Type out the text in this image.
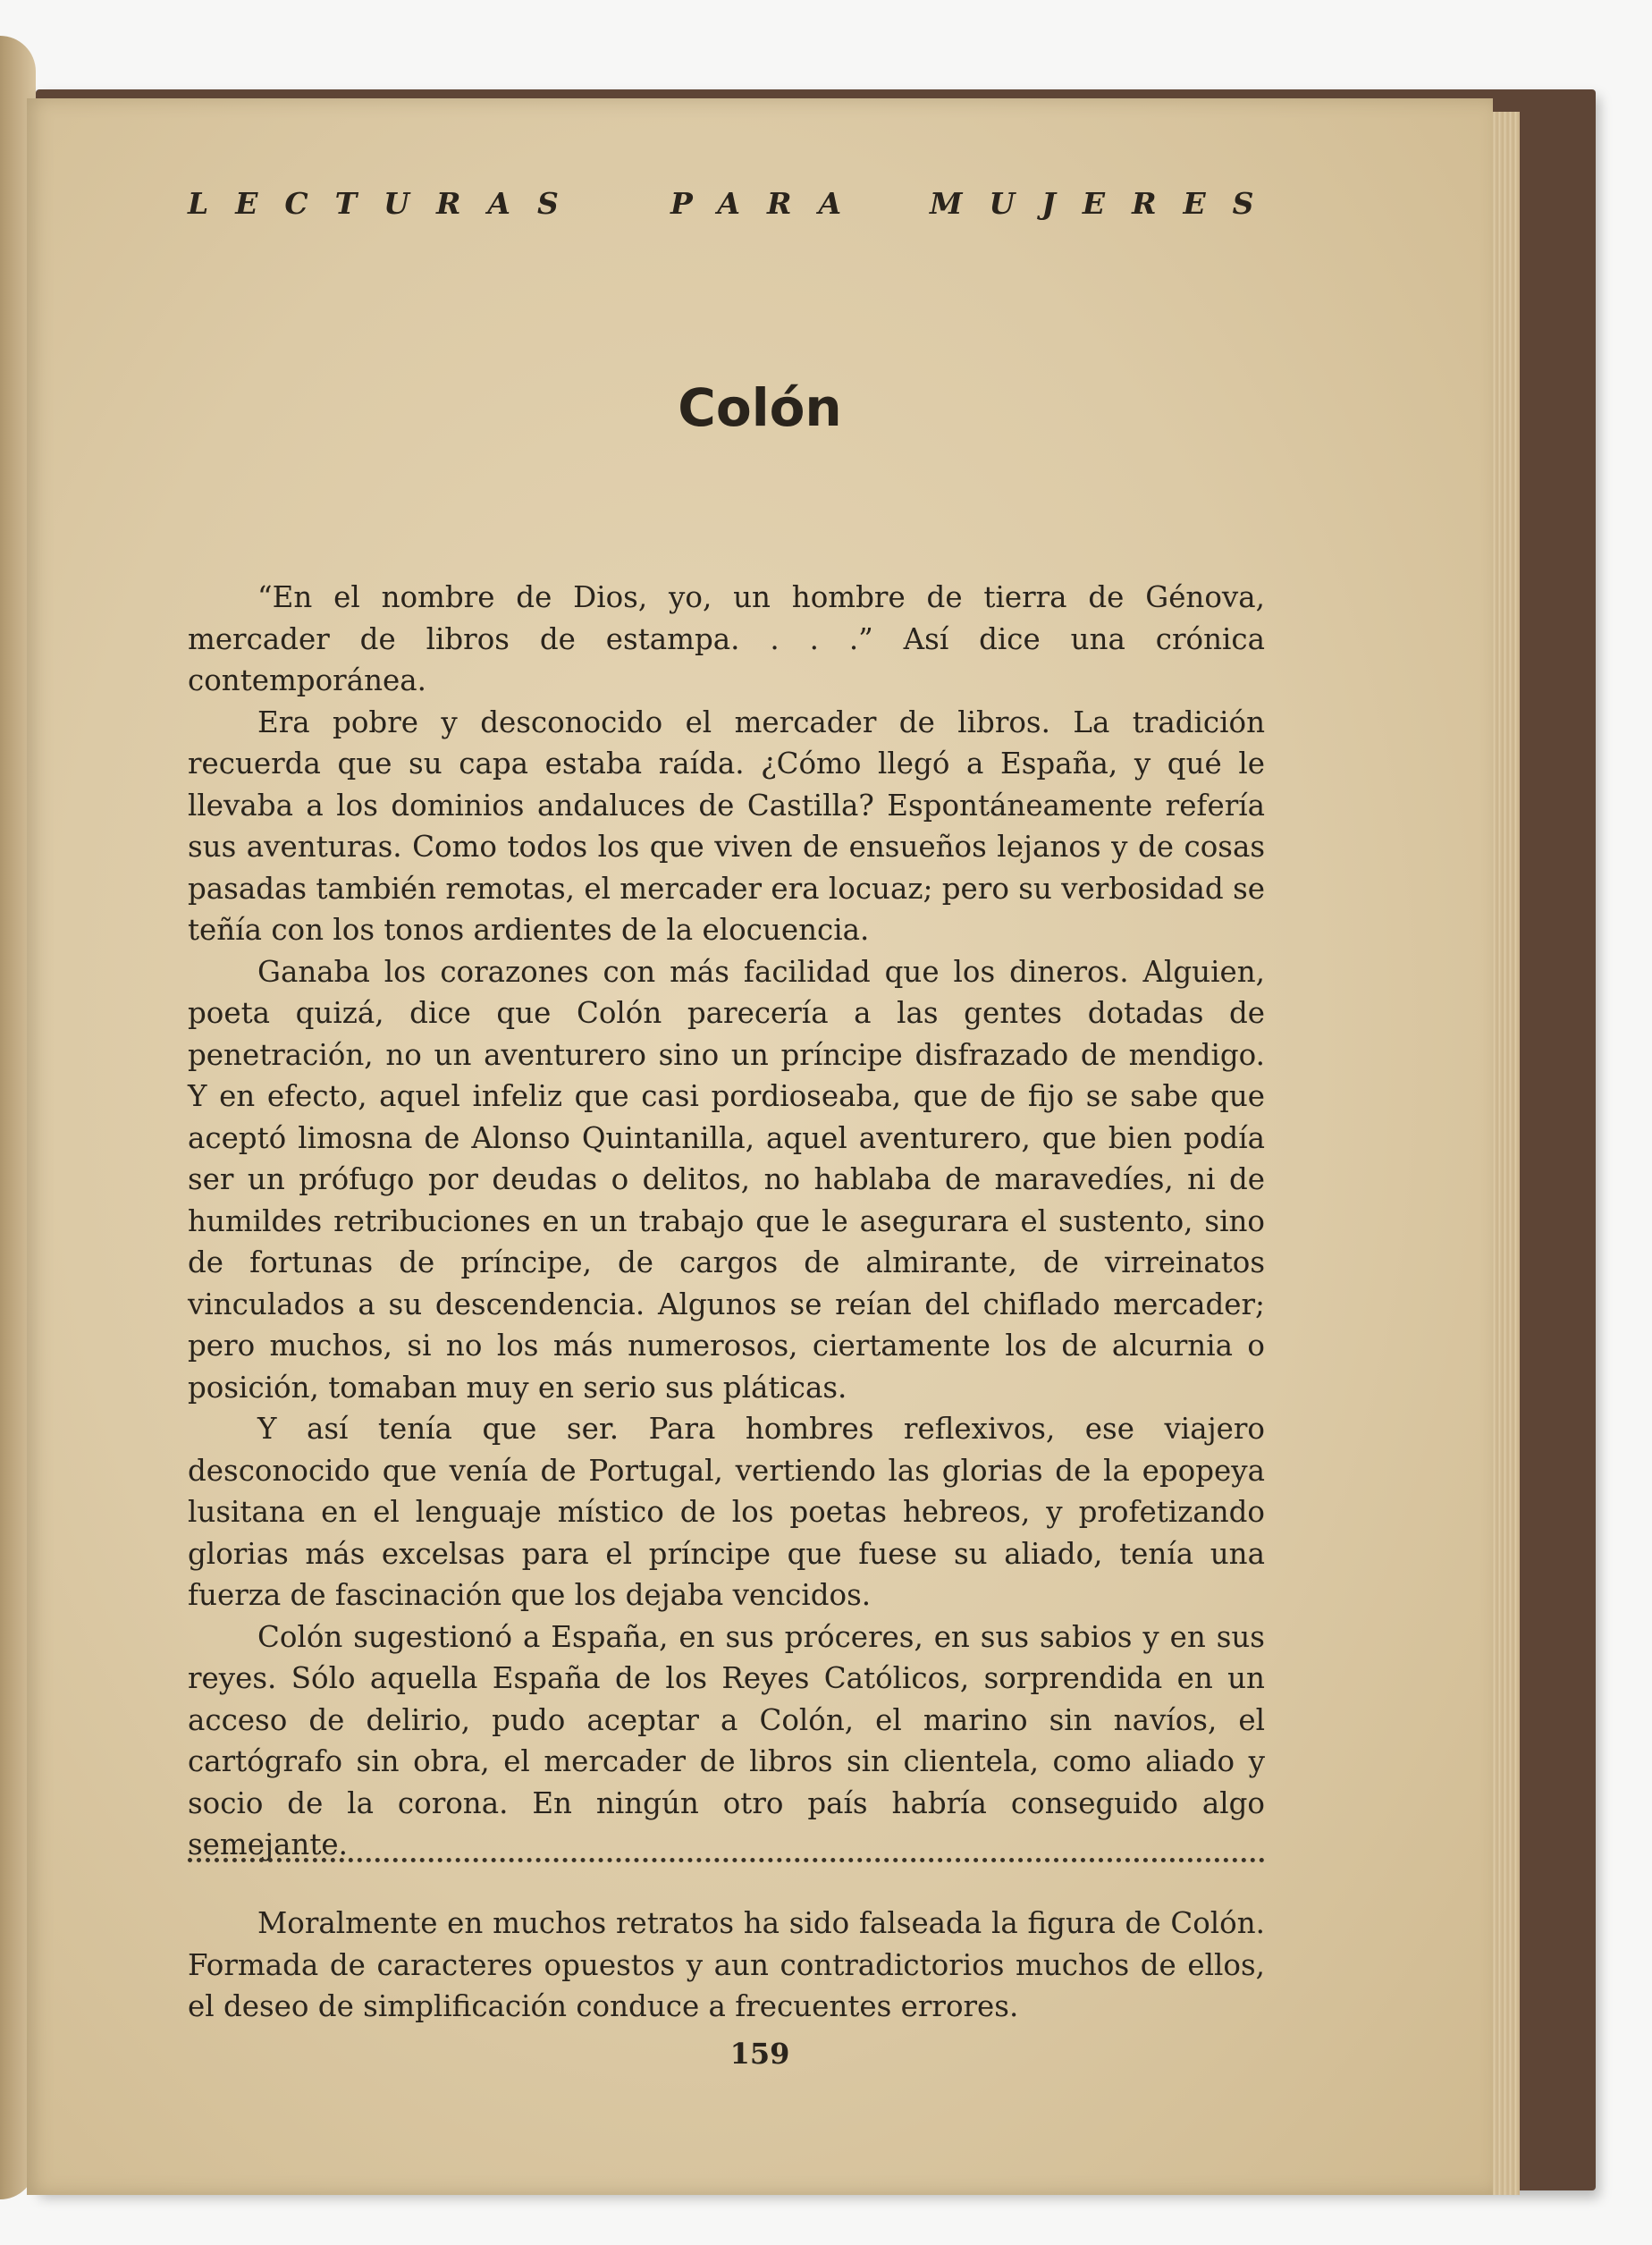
LECTURAS	PARA MUJERES
Colón

“En el nombre de Dios, yo, un hombre de tierra de Génova, mercader de libros de estampa. . . .” Así dice una crónica contemporánea.

Era pobre y desconocido el mercader de libros. La tradición recuerda que su capa estaba raída. ¿Cómo llegó a España, y qué le llevaba a los dominios andaluces de Castilla? Espontáneamente refería sus aventuras. Como todos los que viven de ensueños lejanos y de cosas pasadas también remotas, el mercader era locuaz; pero su verbosidad se teñía con los tonos ardientes de la elocuencia.

Ganaba los corazones con más facilidad que los dineros. Alguien, poeta quizá, dice que Colón parecería a las gentes dotadas de penetración, no un aventurero sino un príncipe disfrazado de mendigo. Y en efecto, aquel infeliz que casi pordioseaba, que de fijo se sabe que aceptó limosna de Alonso Quintanilla, aquel aventurero, que bien podía ser un prófugo por deudas o delitos, no hablaba de maravedíes, ni de humildes retribuciones en un trabajo que le asegurara el sustento, sino de fortunas de príncipe, de cargos de almirante, de virreinatos vinculados a su descendencia. Algunos se reían del chiflado mercader; pero muchos, si no los más numerosos, ciertamente los de alcurnia o posición, tomaban muy en serio sus pláticas.

Y así tenía que ser. Para hombres reflexivos, ese viajero desconocido que venía de Portugal, vertiendo las glorias de la epopeya lusitana en el lenguaje místico de los poetas hebreos, y profetizando glorias más excelsas para el príncipe que fuese su aliado, tenía una fuerza de fascinación que los dejaba vencidos.

Colón sugestionó a España, en sus próceres, en sus sabios y en sus reyes. Sólo aquella España de los Reyes Católicos, sorprendida en un acceso de delirio, pudo aceptar a Colón, el marino sin navíos, el cartógrafo sin obra, el mercader de libros sin clientela, como aliado y socio de la corona. En ningún otro país habría conseguido algo semejante.

Moralmente en muchos retratos ha sido falseada la figura de Colón. Formada de caracteres opuestos y aun contradictorios muchos de ellos, el deseo de simplificación conduce a frecuentes errores.

159
